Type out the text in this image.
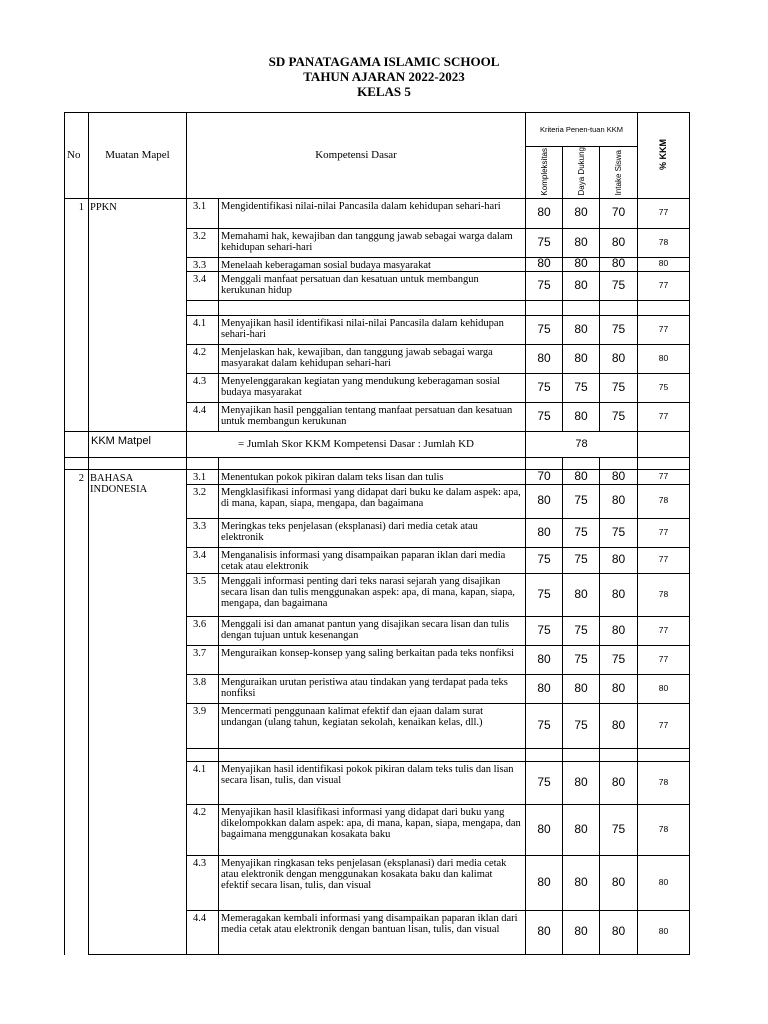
SD PANATAGAMA ISLAMIC SCHOOL
TAHUN AJARAN 2022-2023
KELAS 5
No	Muatan Mapel	Kompetensi Dasar		Kriteria Penen-tuan KKM			% KKM
				Kompleksitas	Daya Dukung	Intake Siswa	
1	PPKN	3.1	Mengidentifikasi nilai-nilai Pancasila dalam kehidupan sehari-hari	80	80	70	77
		3.2	Memahami hak, kewajiban dan tanggung jawab sebagai warga dalam kehidupan sehari-hari	75	80	80	78
		3.3	Menelaah keberagaman sosial budaya masyarakat	80	80	80	80
		3.4	Menggali manfaat persatuan dan kesatuan untuk membangun kerukunan hidup	75	80	75	77

		4.1	Menyajikan hasil identifikasi nilai-nilai Pancasila dalam kehidupan sehari-hari	75	80	75	77
		4.2	Menjelaskan hak, kewajiban, dan tanggung jawab sebagai warga masyarakat dalam kehidupan sehari-hari	80	80	80	80
		4.3	Menyelenggarakan kegiatan yang mendukung keberagaman sosial budaya masyarakat	75	75	75	75
		4.4	Menyajikan hasil penggalian tentang manfaat persatuan dan kesatuan untuk membangun kerukunan	75	80	75	77
	KKM Matpel	= Jumlah Skor KKM Kompetensi Dasar : Jumlah KD		78			

2	BAHASA INDONESIA	3.1	Menentukan pokok pikiran dalam teks lisan dan tulis	70	80	80	77
		3.2	Mengklasifikasi informasi yang didapat dari buku ke dalam aspek: apa, di mana, kapan, siapa, mengapa, dan bagaimana	80	75	80	78
		3.3	Meringkas teks penjelasan (eksplanasi) dari media cetak atau elektronik	80	75	75	77
		3.4	Menganalisis informasi yang disampaikan paparan iklan dari media cetak atau elektronik	75	75	80	77
		3.5	Menggali informasi penting dari teks narasi sejarah yang disajikan secara lisan dan tulis menggunakan aspek: apa, di mana, kapan, siapa, mengapa, dan bagaimana	75	80	80	78
		3.6	Menggali isi dan amanat pantun yang disajikan secara lisan dan tulis dengan tujuan untuk kesenangan	75	75	80	77
		3.7	Menguraikan konsep-konsep yang saling berkaitan pada teks nonfiksi	80	75	75	77
		3.8	Menguraikan urutan peristiwa atau tindakan yang terdapat pada teks nonfiksi	80	80	80	80
		3.9	Mencermati penggunaan kalimat efektif dan ejaan dalam surat undangan (ulang tahun, kegiatan sekolah, kenaikan kelas, dll.)	75	75	80	77

		4.1	Menyajikan hasil identifikasi pokok pikiran dalam teks tulis dan lisan secara lisan, tulis, dan visual	75	80	80	78
		4.2	Menyajikan hasil klasifikasi informasi yang didapat dari buku yang dikelompokkan dalam aspek: apa, di mana, kapan, siapa, mengapa, dan bagaimana menggunakan kosakata baku	80	80	75	78
		4.3	Menyajikan ringkasan teks penjelasan (eksplanasi) dari media cetak atau elektronik dengan menggunakan kosakata baku dan kalimat efektif secara lisan, tulis, dan visual	80	80	80	80
		4.4	Memeragakan kembali informasi yang disampaikan paparan iklan dari media cetak atau elektronik dengan bantuan lisan, tulis, dan visual	80	80	80	80
